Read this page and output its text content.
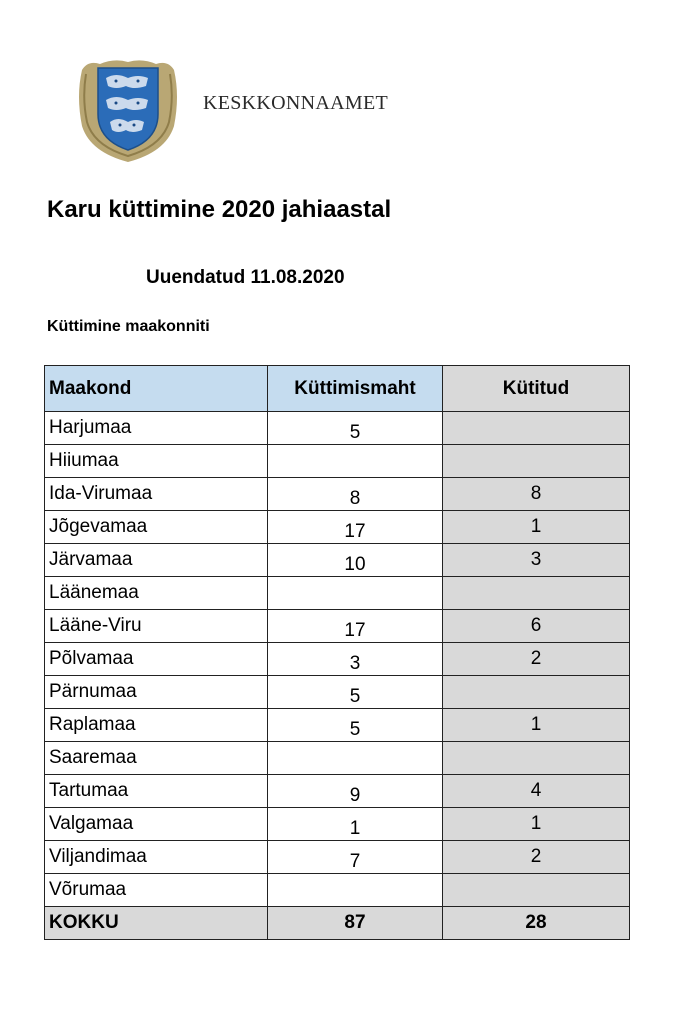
KESKKONNAAMET
Karu küttimine 2020 jahiaastal
Uuendatud 11.08.2020
Küttimine maakonniti
Maakond	Küttimismaht	Kütitud
Harjumaa	5	
Hiiumaa		
Ida-Virumaa	8	8
Jõgevamaa	17	1
Järvamaa	10	3
Läänemaa		
Lääne-Viru	17	6
Põlvamaa	3	2
Pärnumaa	5	
Raplamaa	5	1
Saaremaa		
Tartumaa	9	4
Valgamaa	1	1
Viljandimaa	7	2
Võrumaa		
KOKKU	87	28
